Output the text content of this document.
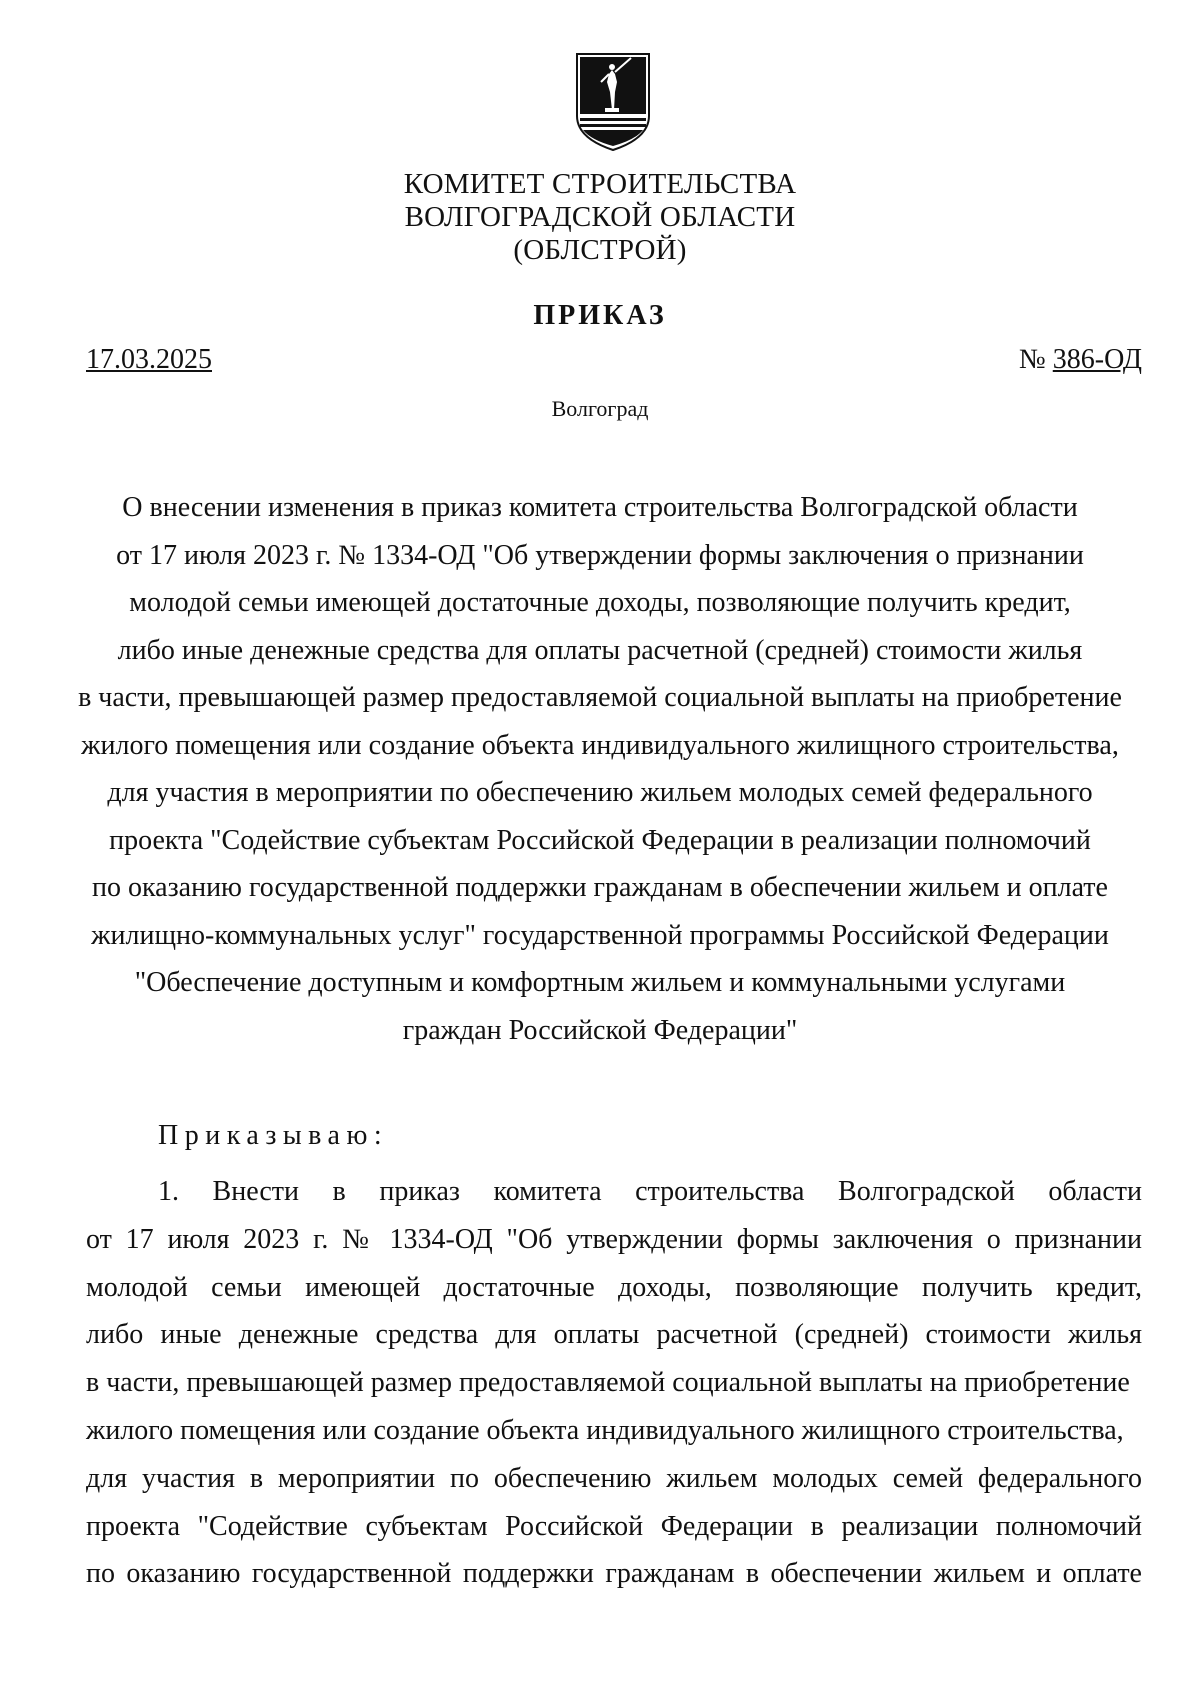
КОМИТЕТ СТРОИТЕЛЬСТВА
ВОЛГОГРАДСКОЙ ОБЛАСТИ
(ОБЛСТРОЙ)
ПРИКАЗ
17.03.2025	№ 386-ОД
Волгоград
О внесении изменения в приказ комитета строительства Волгоградской области
от 17 июля 2023 г. № 1334-ОД "Об утверждении формы заключения о признании
молодой семьи имеющей достаточные доходы, позволяющие получить кредит,
либо иные денежные средства для оплаты расчетной (средней) стоимости жилья
в части, превышающей размер предоставляемой социальной выплаты на приобретение
жилого помещения или создание объекта индивидуального жилищного строительства,
для участия в мероприятии по обеспечению жильем молодых семей федерального
проекта "Содействие субъектам Российской Федерации в реализации полномочий
по оказанию государственной поддержки гражданам в обеспечении жильем и оплате
жилищно-коммунальных услуг" государственной программы Российской Федерации
"Обеспечение доступным и комфортным жильем и коммунальными услугами
граждан Российской Федерации"
Приказываю:
1. Внести в приказ комитета строительства Волгоградской области
от 17 июля 2023 г. № 1334-ОД "Об утверждении формы заключения о признании
молодой семьи имеющей достаточные доходы, позволяющие получить кредит,
либо иные денежные средства для оплаты расчетной (средней) стоимости жилья
в части, превышающей размер предоставляемой социальной выплаты на приобретение
жилого помещения или создание объекта индивидуального жилищного строительства,
для участия в мероприятии по обеспечению жильем молодых семей федерального
проекта "Содействие субъектам Российской Федерации в реализации полномочий
по оказанию государственной поддержки гражданам в обеспечении жильем и оплате
